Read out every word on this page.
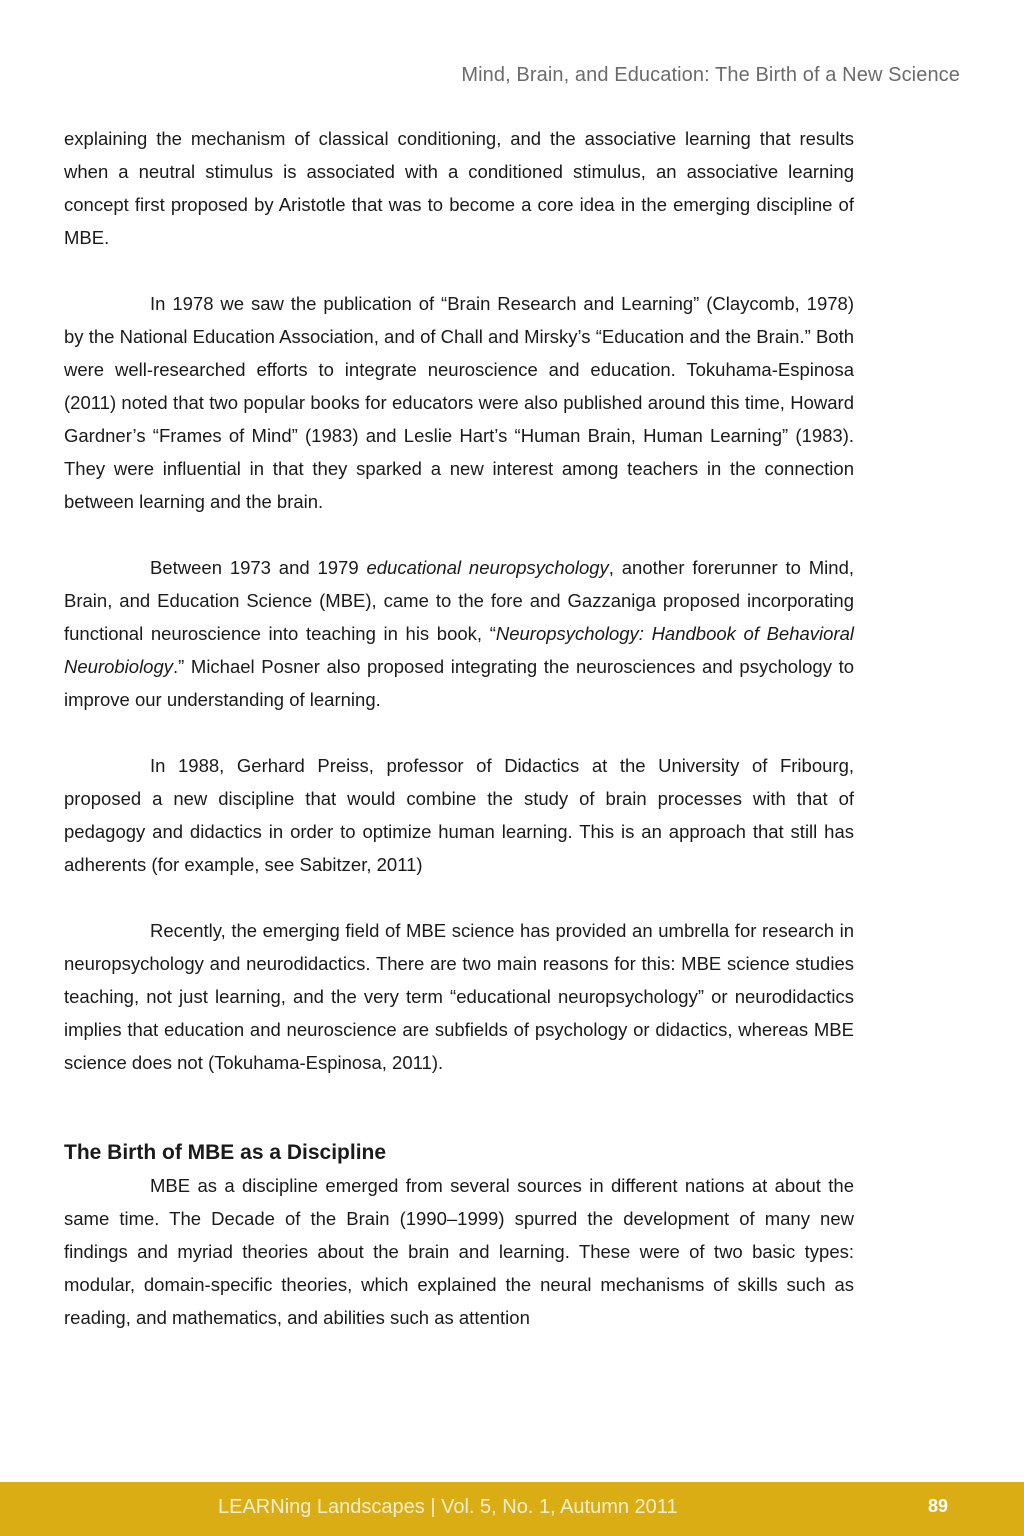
Mind, Brain, and Education: The Birth of a New Science

explaining the mechanism of classical conditioning, and the associative learning that results when a neutral stimulus is associated with a conditioned stimulus, an associative learning concept first proposed by Aristotle that was to become a core idea in the emerging discipline of MBE.

In 1978 we saw the publication of “Brain Research and Learning” (Claycomb, 1978) by the National Education Association, and of Chall and Mirsky’s “Education and the Brain.” Both were well-researched efforts to integrate neuroscience and education. Tokuhama-Espinosa (2011) noted that two popular books for educators were also published around this time, Howard Gardner’s “Frames of Mind” (1983) and Leslie Hart’s “Human Brain, Human Learning” (1983). They were influential in that they sparked a new interest among teachers in the connection between learning and the brain.

Between 1973 and 1979 educational neuropsychology, another forerunner to Mind, Brain, and Education Science (MBE), came to the fore and Gazzaniga proposed incorporating functional neuroscience into teaching in his book, “Neuropsychology: Handbook of Behavioral Neurobiology.” Michael Posner also proposed integrating the neurosciences and psychology to improve our understanding of learning.

In 1988, Gerhard Preiss, professor of Didactics at the University of Fribourg, proposed a new discipline that would combine the study of brain processes with that of pedagogy and didactics in order to optimize human learning. This is an approach that still has adherents (for example, see Sabitzer, 2011)

Recently, the emerging field of MBE science has provided an umbrella for research in neuropsychology and neurodidactics. There are two main reasons for this: MBE science studies teaching, not just learning, and the very term “educational neuropsychology” or neurodidactics implies that education and neuroscience are subfields of psychology or didactics, whereas MBE science does not (Tokuhama-Espinosa, 2011).

The Birth of MBE as a Discipline

MBE as a discipline emerged from several sources in different nations at about the same time. The Decade of the Brain (1990–1999) spurred the development of many new findings and myriad theories about the brain and learning. These were of two basic types: modular, domain-specific theories, which explained the neural mechanisms of skills such as reading, and mathematics, and abilities such as attention

LEARNing Landscapes | Vol. 5, No. 1, Autumn 2011	89
